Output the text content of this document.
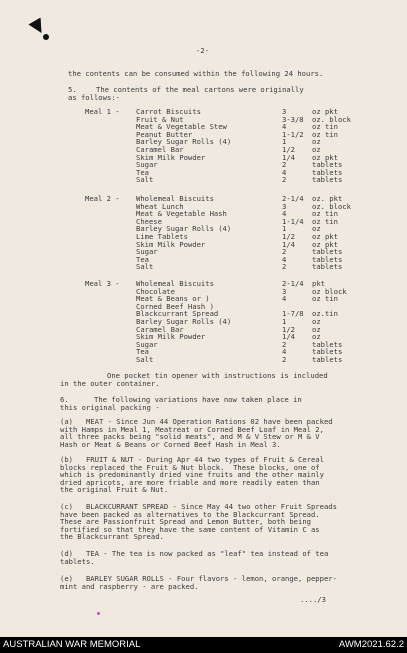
-2-
the contents can be consumed within the following 24 hours.
5.	The contents of the meal cartons were originally
as follows:-
Meal 1 - Carrot Biscuits	3	oz pkt
Fruit & Nut	3-3/8 oz. block
Meat & Vegetable Stew	4	oz tin
Peanut Butter	1-1/2 oz tin
Barley Sugar Rolls (4)	1	oz
Caramel Bar	1/2 oz
Skim Milk Powder	1/4 oz pkt
Sugar	2	tablets
Tea	4	tablets
Salt	2	tablets
Meal 2 - Wholemeal Biscuits	2-1/4 oz. pkt
Wheat Lunch	3	oz. block
Meat & Vegetable Hash	4	oz tin
Cheese	1-1/4 oz tin
Barley Sugar Rolls (4)	1	oz
Lime Tablets	1/2 oz pkt
Skim Milk Powder	1/4 oz pkt
Sugar	2	tablets
Tea	4	tablets
Salt	2	tablets
Meal 3 - Wholemeal Biscuits	2-1/4 pkt
Chocolate	3	oz block
Meat & Beans or )	4	oz tin
Corned Beef Hash )
Blackcurrant Spread	1-7/8 oz.tin
Barley Sugar Rolls (4)	1	oz
Caramel Bar	1/2 oz
Skim Milk Powder	1/4 oz
Sugar	2	tablets
Tea	4	tablets
Salt	2	tablets
One pocket tin opener with instructions is included
in the outer container.
6.	The following variations have now taken place in
this original packing -
(a)   MEAT - Since Jun 44 Operation Rations 02 have been packed
with Hamps in Meal 1, Meatreat or Corned Beef Loaf in Meal 2,
all three packs being "solid meats", and M & V Stew or M & V
Hash or Meat & Beans or Corned Beef Hash in Meal 3.
(b)   FRUIT & NUT - During Apr 44 two types of Fruit & Cereal
blocks replaced the Fruit & Nut block.  These blocks, one of
which is predominantly dried vine fruits and the other mainly
dried apricots, are more friable and more readily eaten than
the original Fruit & Nut.
(c)   BLACKCURRANT SPREAD - Since May 44 two other Fruit Spreads
have been packed as alternatives to the Blackcurrant Spread.
These are Passionfruit Spread and Lemon Butter, both being
fortified so that they have the same content of Vitamin C as
the Blackcurrant Spread.
(d)   TEA - The tea is now packed as "leaf" tea instead of tea
tablets.
(e)   BARLEY SUGAR ROLLS - Four flavors - lemon, orange, pepper-
mint and raspberry - are packed.
..../3
AUSTRALIAN WAR MEMORIAL	AWM2021.62.2
